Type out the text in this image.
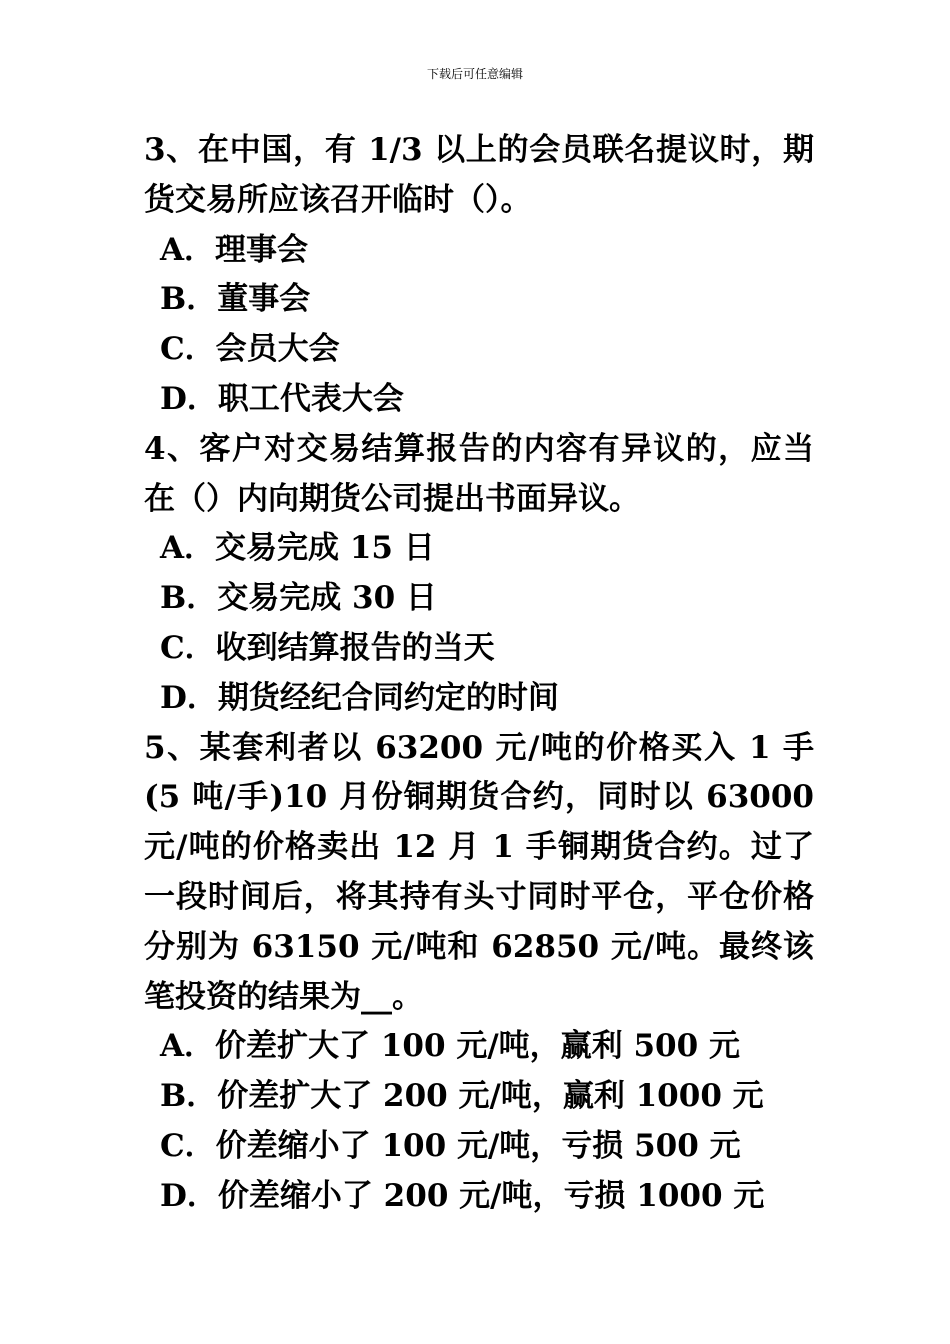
下载后可任意编辑

3、在中国，有 1/3 以上的会员联名提议时，期货交易所应该召开临时（）。

A．理事会

B．董事会

C．会员大会

D．职工代表大会

4、客户对交易结算报告的内容有异议的，应当在（）内向期货公司提出书面异议。

A．交易完成 15 日

B．交易完成 30 日

C．收到结算报告的当天

D．期货经纪合同约定的时间

5、某套利者以 63200 元/吨的价格买入 1 手(5 吨/手)10 月份铜期货合约，同时以 63000 元/吨的价格卖出 12 月 1 手铜期货合约。过了一段时间后，将其持有头寸同时平仓，平仓价格分别为 63150 元/吨和 62850 元/吨。最终该笔投资的结果为__。

A．价差扩大了 100 元/吨，赢利 500 元

B．价差扩大了 200 元/吨，赢利 1000 元

C．价差缩小了 100 元/吨，亏损 500 元

D．价差缩小了 200 元/吨，亏损 1000 元
